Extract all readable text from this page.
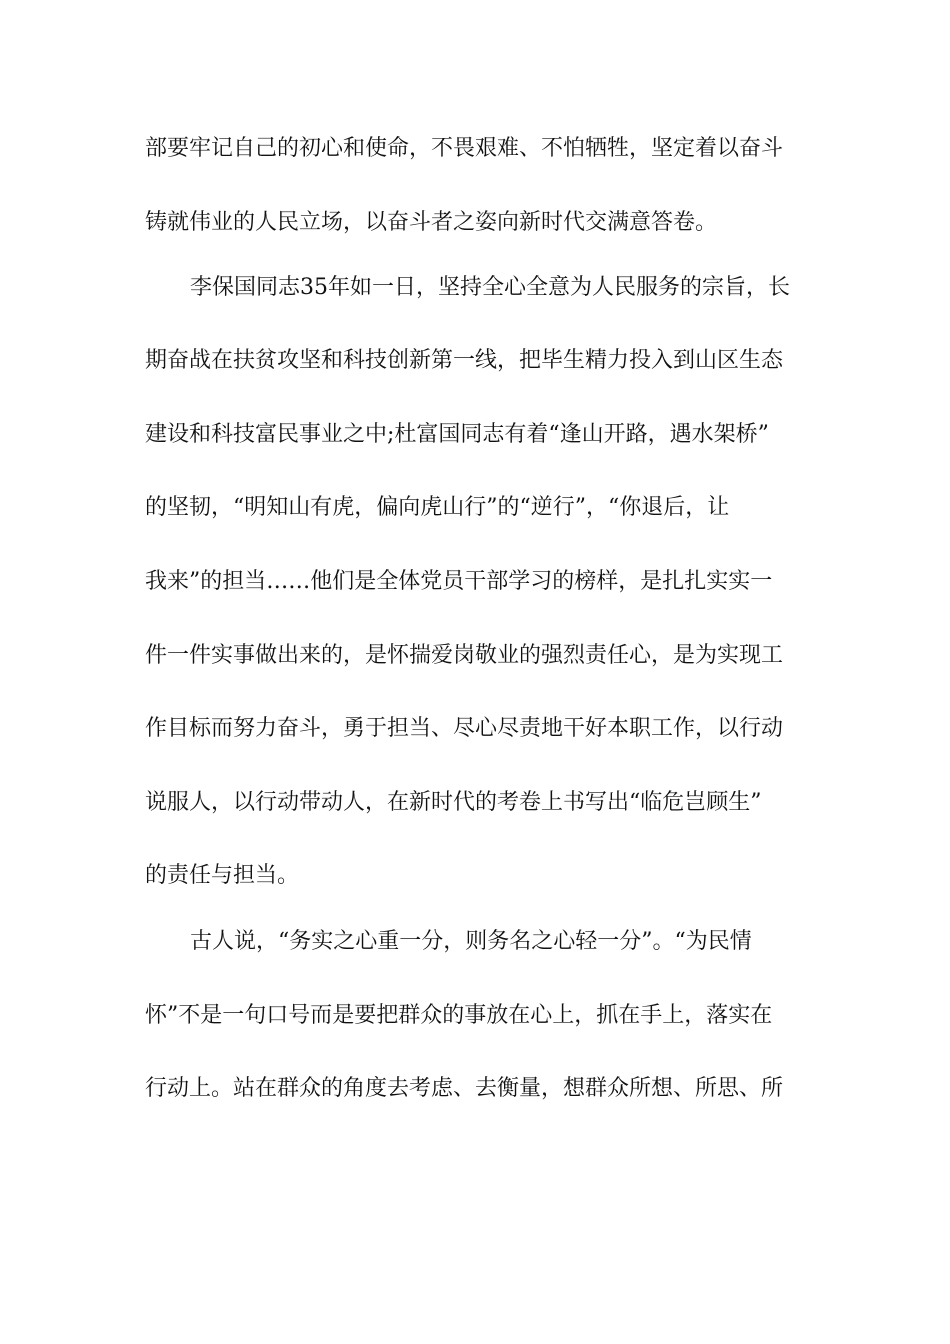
部要牢记自己的初心和使命，不畏艰难、不怕牺牲，坚定着以奋斗
铸就伟业的人民立场，以奋斗者之姿向新时代交满意答卷。
李保国同志35年如一日，坚持全心全意为人民服务的宗旨，长
期奋战在扶贫攻坚和科技创新第一线，把毕生精力投入到山区生态
建设和科技富民事业之中;杜富国同志有着“逢山开路，遇水架桥”
的坚韧，“明知山有虎，偏向虎山行”的“逆行”，“你退后，让
我来”的担当……他们是全体党员干部学习的榜样，是扎扎实实一
件一件实事做出来的，是怀揣爱岗敬业的强烈责任心，是为实现工
作目标而努力奋斗，勇于担当、尽心尽责地干好本职工作，以行动
说服人，以行动带动人，在新时代的考卷上书写出“临危岂顾生”
的责任与担当。
古人说，“务实之心重一分，则务名之心轻一分”。“为民情
怀”不是一句口号而是要把群众的事放在心上，抓在手上，落实在
行动上。站在群众的角度去考虑、去衡量，想群众所想、所思、所
